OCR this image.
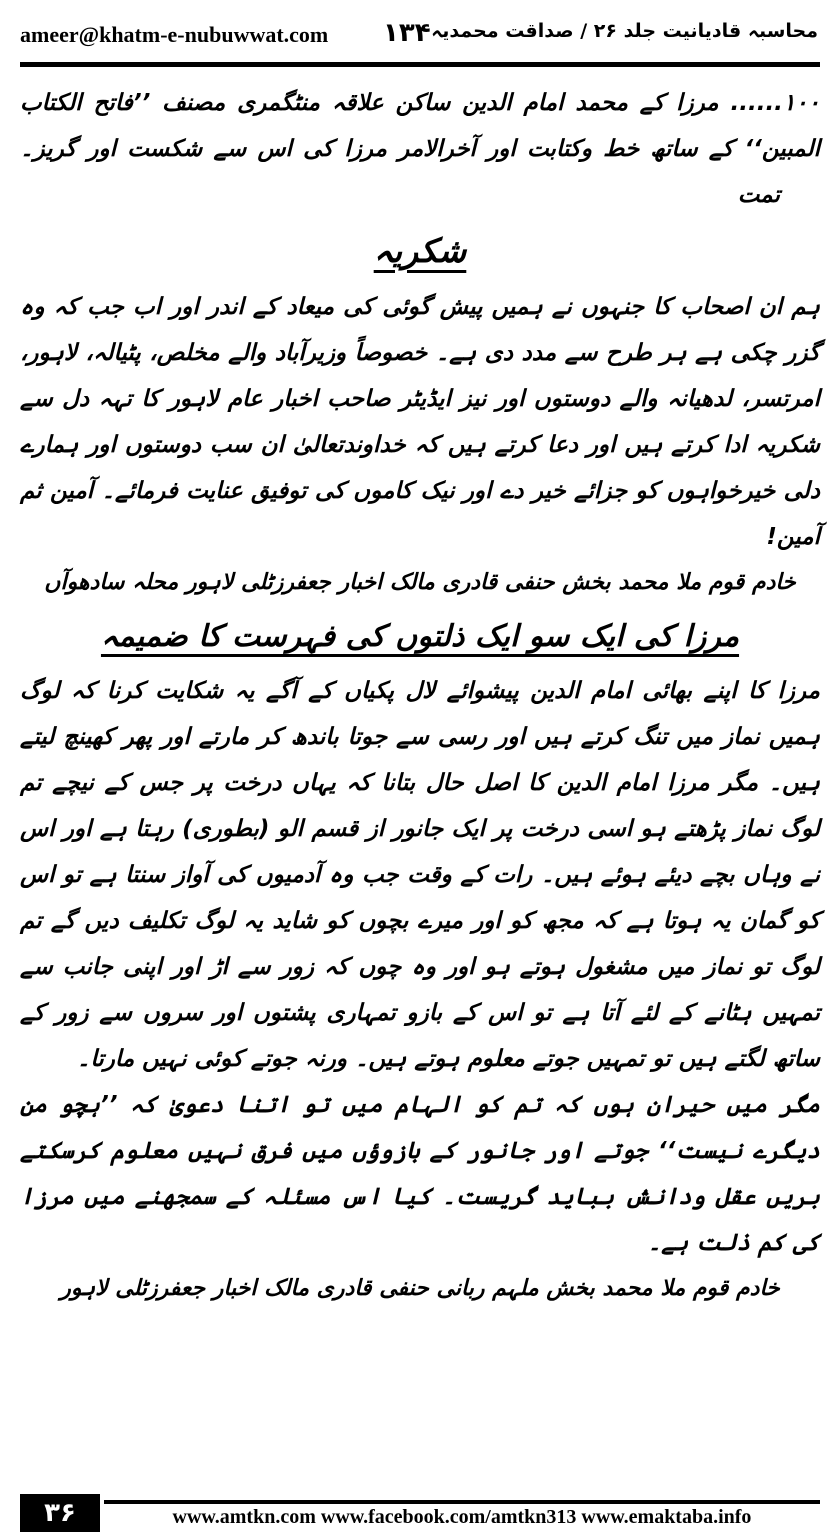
ameer@khatm-e-nubuwwat.com ۱۳۴ محاسبہ قادیانیت جلد ۲۶ / صداقت محمدیہ

۱۰۰...... مرزا کے محمد امام الدین ساکن علاقہ منٹگمری مصنف ’’فاتح الکتاب المبین‘‘ کے ساتھ خط وکتابت اور آخرالامر مرزا کی اس سے شکست اور گریز۔ تمت

شکریہ

ہم ان اصحاب کا جنہوں نے ہمیں پیش گوئی کی میعاد کے اندر اور اب جب کہ وہ گزر چکی ہے ہر طرح سے مدد دی ہے۔ خصوصاً وزیرآباد والے مخلص، پٹیالہ، لاہور، امرتسر، لدھیانہ والے دوستوں اور نیز ایڈیٹر صاحب اخبار عام لاہور کا تہہ دل سے شکریہ ادا کرتے ہیں اور دعا کرتے ہیں کہ خداوندتعالیٰ ان سب دوستوں اور ہمارے دلی خیرخواہوں کو جزائے خیر دے اور نیک کاموں کی توفیق عنایت فرمائے۔ آمین ثم آمین!

خادم قوم ملا محمد بخش حنفی قادری مالک اخبار جعفرزٹلی لاہور محلہ سادھوآں

مرزا کی ایک سو ایک ذلتوں کی فہرست کا ضمیمہ

مرزا کا اپنے بھائی امام الدین پیشوائے لال پکیاں کے آگے یہ شکایت کرنا کہ لوگ ہمیں نماز میں تنگ کرتے ہیں اور رسی سے جوتا باندھ کر مارتے اور پھر کھینچ لیتے ہیں۔ مگر مرزا امام الدین کا اصل حال بتانا کہ یہاں درخت پر جس کے نیچے تم لوگ نماز پڑھتے ہو اسی درخت پر ایک جانور از قسم الو (بطوری) رہتا ہے اور اس نے وہاں بچے دیئے ہوئے ہیں۔ رات کے وقت جب وہ آدمیوں کی آواز سنتا ہے تو اس کو گمان یہ ہوتا ہے کہ مجھ کو اور میرے بچوں کو شاید یہ لوگ تکلیف دیں گے تم لوگ تو نماز میں مشغول ہوتے ہو اور وہ چوں کہ زور سے اڑ اور اپنی جانب سے تمہیں ہٹانے کے لئے آتا ہے تو اس کے بازو تمہاری پشتوں اور سروں سے زور کے ساتھ لگتے ہیں تو تمہیں جوتے معلوم ہوتے ہیں۔ ورنہ جوتے کوئی نہیں مارتا۔

مگر میں حیران ہوں کہ تم کو الہام میں تو اتنا دعویٰ کہ ’’ہچو من دیگرے نیست‘‘ جوتے اور جانور کے بازوؤں میں فرق نہیں معلوم کرسکتے بریں عقل ودانش بباید گریست۔ کیا اس مسئلہ کے سمجھنے میں مرزا کی کم ذلت ہے۔

خادم قوم ملا محمد بخش ملہم ربانی حنفی قادری مالک اخبار جعفرزٹلی لاہور

۳۶	www.amtkn.com www.facebook.com/amtkn313 www.emaktaba.info
